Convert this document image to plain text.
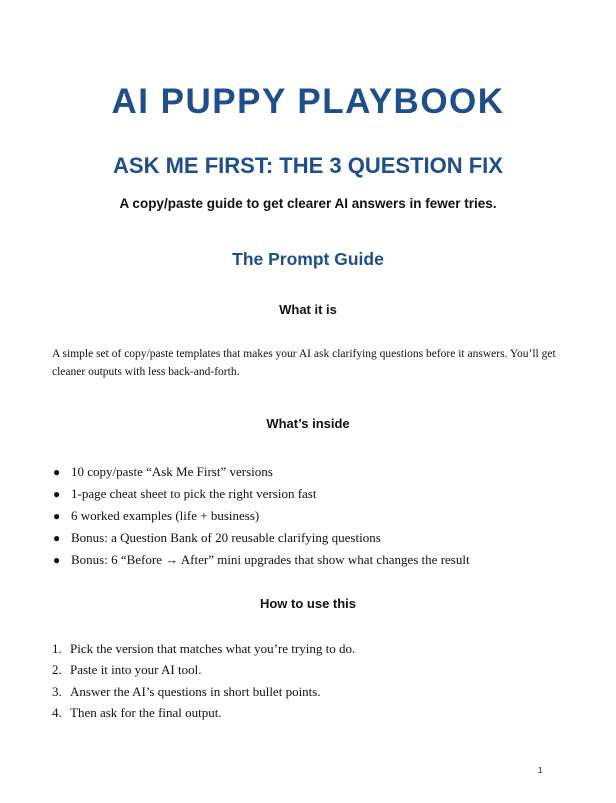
AI PUPPY PLAYBOOK
ASK ME FIRST: THE 3 QUESTION FIX

A copy/paste guide to get clearer AI answers in fewer tries.

The Prompt Guide
What it is

A simple set of copy/paste templates that makes your AI ask clarifying questions before it answers. You’ll get cleaner outputs with less back-and-forth.

What’s inside
● 10 copy/paste “Ask Me First” versions
● 1-page cheat sheet to pick the right version fast
● 6 worked examples (life + business)
● Bonus: a Question Bank of 20 reusable clarifying questions
● Bonus: 6 “Before → After” mini upgrades that show what changes the result
How to use this
1. Pick the version that matches what you’re trying to do.
2. Paste it into your AI tool.
3. Answer the AI’s questions in short bullet points.
4. Then ask for the final output.

1
